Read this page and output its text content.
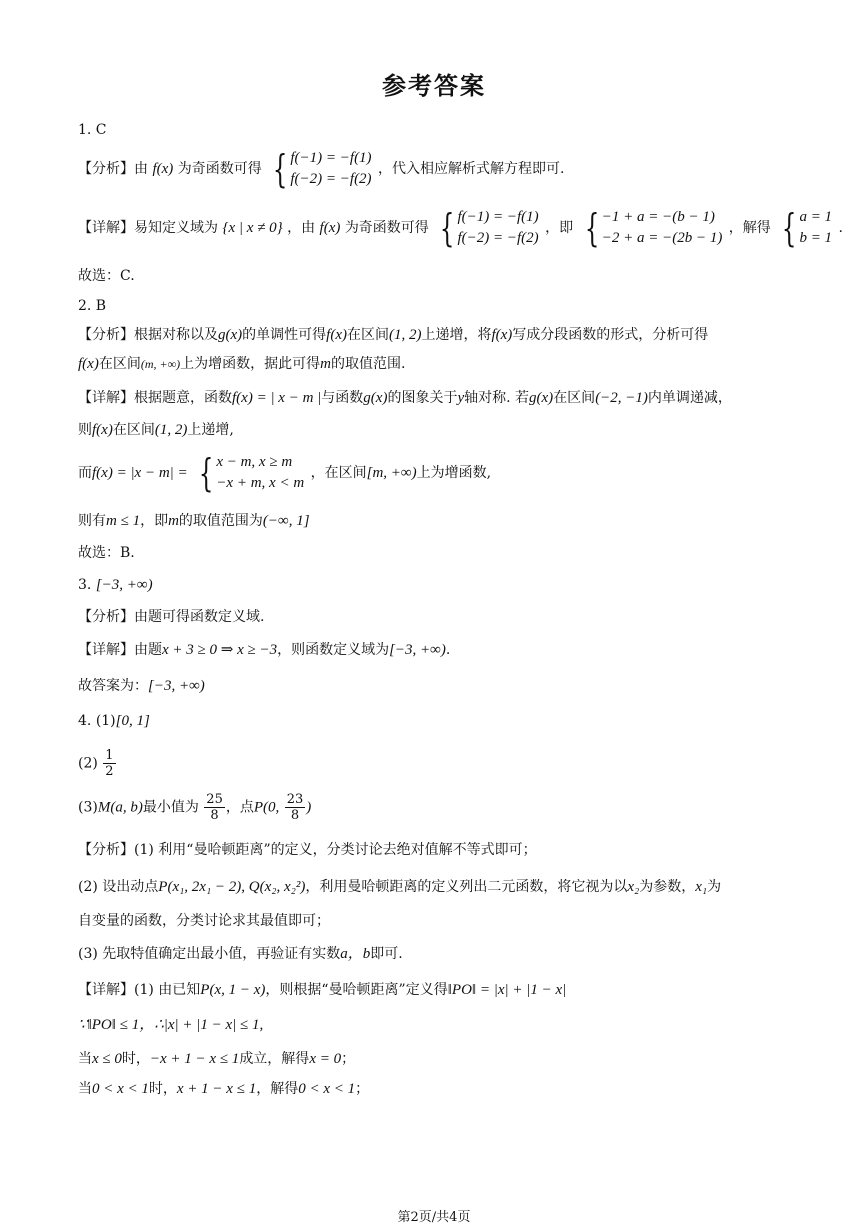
参考答案
1. C
【分析】由 f(x) 为奇函数可得 { f(−1) = −f(1)
f(−2) = −f(2)
，代入相应解析式解方程即可.
【详解】易知定义域为 {x | x ≠ 0} ，由 f(x) 为奇函数可得 { f(−1) = −f(1)
f(−2) = −f(2)
，即 { −1 + a = −(b − 1)
−2 + a = −(2b − 1)
，解得 { a = 1
b = 1
.
故选：C.
2. B
【分析】根据对称以及g(x)的单调性可得f(x)在区间(1, 2)上递增，将f(x)写成分段函数的形式，分析可得
f(x)在区间(m, +∞)上为增函数，据此可得m的取值范围.
【详解】根据题意，函数f(x) = | x − m |与函数g(x)的图象关于y轴对称. 若g(x)在区间(−2, −1)内单调递减，
则f(x)在区间(1, 2)上递增,
而f(x) = |x − m| = { x − m, x ≥ m
−x + m, x < m
，在区间[m, +∞)上为增函数,
则有m ≤ 1，即m的取值范围为(−∞, 1]
故选：B.
3. [−3, +∞)
【分析】由题可得函数定义域.
【详解】由题x + 3 ≥ 0 ⇒ x ≥ −3，则函数定义域为[−3, +∞).
故答案为：[−3, +∞)
4. (1)[0, 1]
$(2) \frac{1}{2}$
(3)M(a, b)最小值为 $\frac{25}{8}$ ，点P(0, $\frac{23}{8}$ )
【分析】(1) 利用“曼哈顿距离”的定义，分类讨论去绝对值解不等式即可；
(2) 设出动点P(x₁, 2x₁ − 2), Q(x₂, x₂²)，利用曼哈顿距离的定义列出二元函数，将它视为以x₂为参数，x₁为
自变量的函数，分类讨论求其最值即可；
(3) 先取特值确定出最小值，再验证有实数a，b即可.
【详解】(1) 由已知P(x, 1 − x)，则根据“曼哈顿距离”定义得‖PO‖ = |x| + |1 − x|
∵‖PO‖ ≤ 1，∴|x| + |1 − x| ≤ 1,
当x ≤ 0时，−x + 1 − x ≤ 1成立，解得x = 0；
当0 < x < 1时，x + 1 − x ≤ 1，解得0 < x < 1；
第2页/共4页
